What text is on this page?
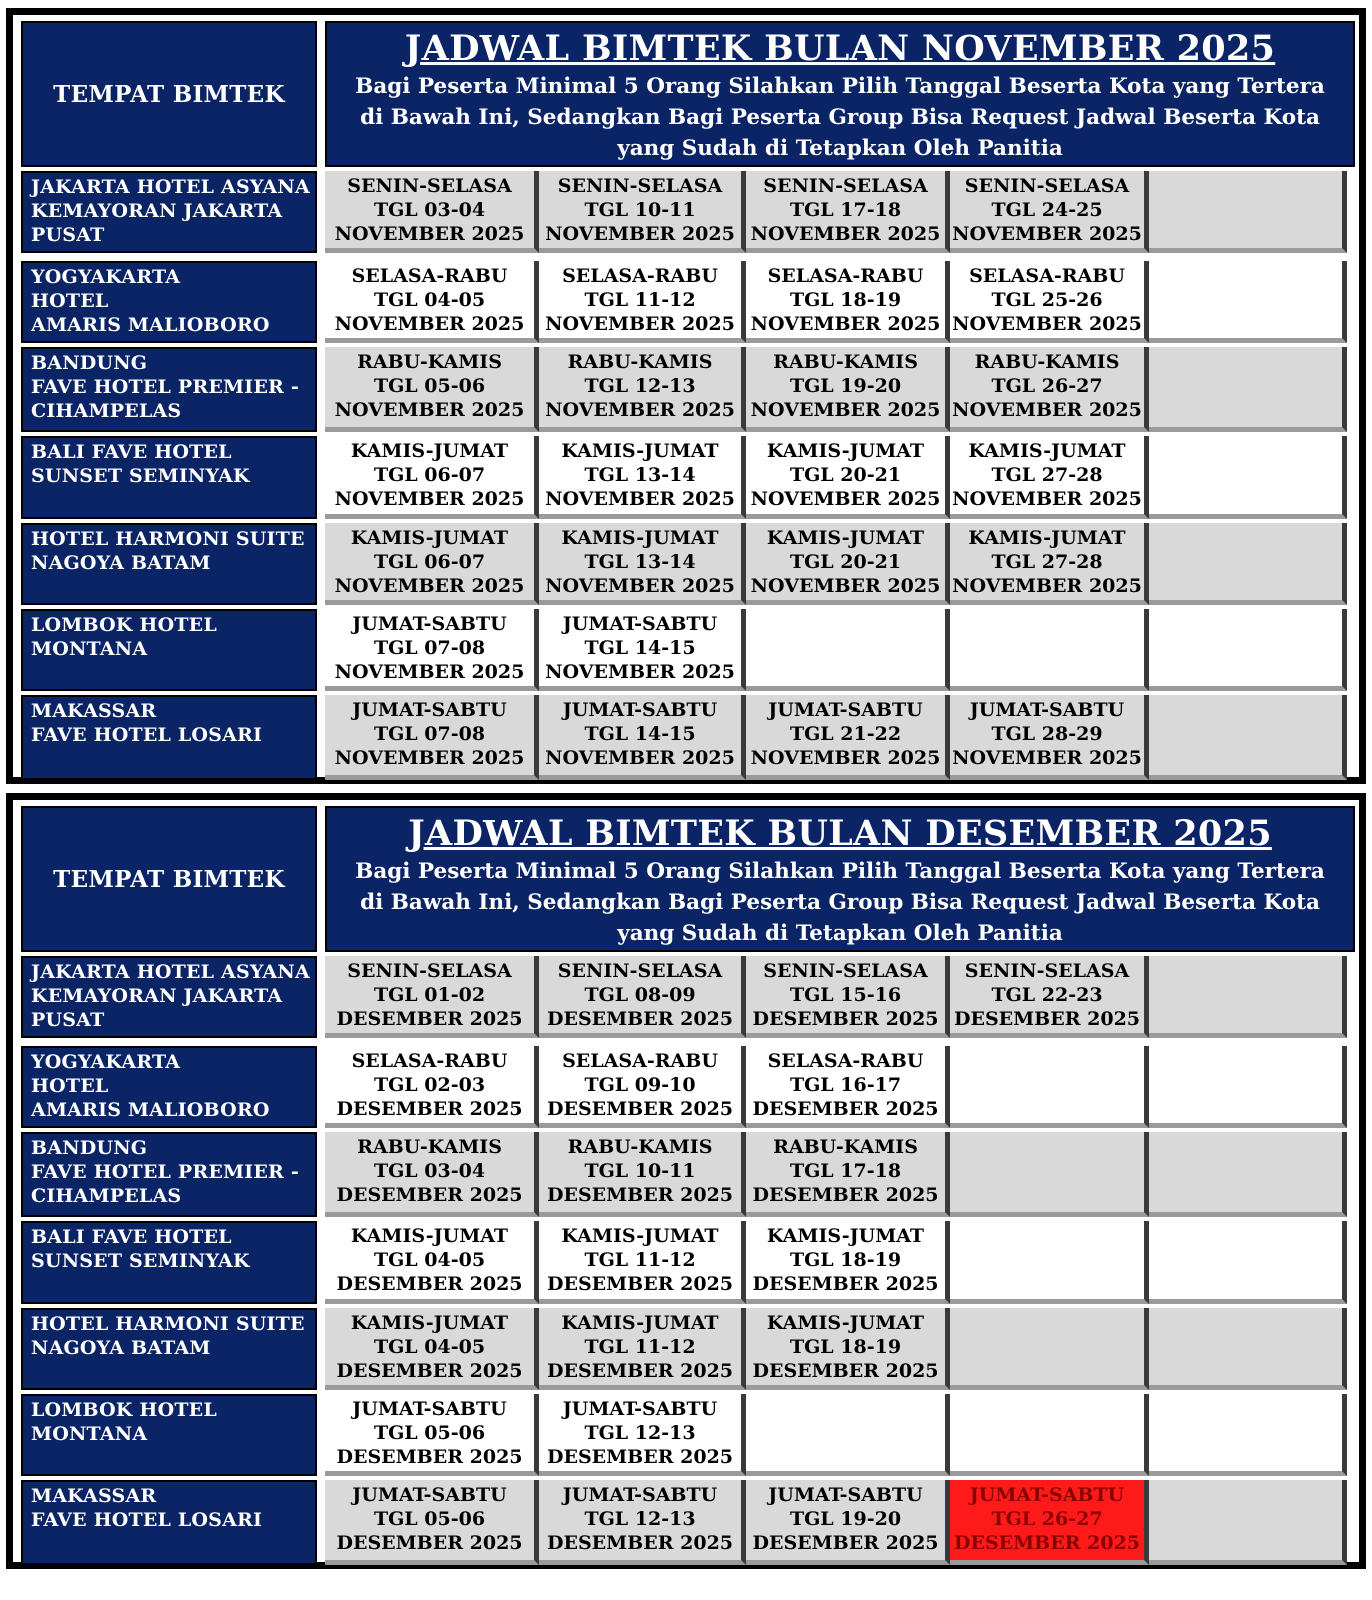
TEMPAT BIMTEK
JADWAL BIMTEK BULAN NOVEMBER 2025
Bagi Peserta Minimal 5 Orang Silahkan Pilih Tanggal Beserta Kota yang Tertera di Bawah Ini, Sedangkan Bagi Peserta Group Bisa Request Jadwal Beserta Kota yang Sudah di Tetapkan Oleh Panitia
JAKARTA HOTEL ASYANA
KEMAYORAN JAKARTA
PUSAT
SENIN-SELASA
TGL 03-04
NOVEMBER 2025
SENIN-SELASA
TGL 10-11
NOVEMBER 2025
SENIN-SELASA
TGL 17-18
NOVEMBER 2025
SENIN-SELASA
TGL 24-25
NOVEMBER 2025
YOGYAKARTA
HOTEL
AMARIS MALIOBORO
SELASA-RABU
TGL 04-05
NOVEMBER 2025
SELASA-RABU
TGL 11-12
NOVEMBER 2025
SELASA-RABU
TGL 18-19
NOVEMBER 2025
SELASA-RABU
TGL 25-26
NOVEMBER 2025
BANDUNG
FAVE HOTEL PREMIER -
CIHAMPELAS
RABU-KAMIS
TGL 05-06
NOVEMBER 2025
RABU-KAMIS
TGL 12-13
NOVEMBER 2025
RABU-KAMIS
TGL 19-20
NOVEMBER 2025
RABU-KAMIS
TGL 26-27
NOVEMBER 2025
BALI FAVE HOTEL
SUNSET SEMINYAK
KAMIS-JUMAT
TGL 06-07
NOVEMBER 2025
KAMIS-JUMAT
TGL 13-14
NOVEMBER 2025
KAMIS-JUMAT
TGL 20-21
NOVEMBER 2025
KAMIS-JUMAT
TGL 27-28
NOVEMBER 2025
HOTEL HARMONI SUITE
NAGOYA BATAM
KAMIS-JUMAT
TGL 06-07
NOVEMBER 2025
KAMIS-JUMAT
TGL 13-14
NOVEMBER 2025
KAMIS-JUMAT
TGL 20-21
NOVEMBER 2025
KAMIS-JUMAT
TGL 27-28
NOVEMBER 2025
LOMBOK HOTEL
MONTANA
JUMAT-SABTU
TGL 07-08
NOVEMBER 2025
JUMAT-SABTU
TGL 14-15
NOVEMBER 2025
MAKASSAR
FAVE HOTEL LOSARI
JUMAT-SABTU
TGL 07-08
NOVEMBER 2025
JUMAT-SABTU
TGL 14-15
NOVEMBER 2025
JUMAT-SABTU
TGL 21-22
NOVEMBER 2025
JUMAT-SABTU
TGL 28-29
NOVEMBER 2025
TEMPAT BIMTEK
JADWAL BIMTEK BULAN DESEMBER 2025
Bagi Peserta Minimal 5 Orang Silahkan Pilih Tanggal Beserta Kota yang Tertera di Bawah Ini, Sedangkan Bagi Peserta Group Bisa Request Jadwal Beserta Kota yang Sudah di Tetapkan Oleh Panitia
JAKARTA HOTEL ASYANA
KEMAYORAN JAKARTA
PUSAT
SENIN-SELASA
TGL 01-02
DESEMBER 2025
SENIN-SELASA
TGL 08-09
DESEMBER 2025
SENIN-SELASA
TGL 15-16
DESEMBER 2025
SENIN-SELASA
TGL 22-23
DESEMBER 2025
YOGYAKARTA
HOTEL
AMARIS MALIOBORO
SELASA-RABU
TGL 02-03
DESEMBER 2025
SELASA-RABU
TGL 09-10
DESEMBER 2025
SELASA-RABU
TGL 16-17
DESEMBER 2025
BANDUNG
FAVE HOTEL PREMIER -
CIHAMPELAS
RABU-KAMIS
TGL 03-04
DESEMBER 2025
RABU-KAMIS
TGL 10-11
DESEMBER 2025
RABU-KAMIS
TGL 17-18
DESEMBER 2025
BALI FAVE HOTEL
SUNSET SEMINYAK
KAMIS-JUMAT
TGL 04-05
DESEMBER 2025
KAMIS-JUMAT
TGL 11-12
DESEMBER 2025
KAMIS-JUMAT
TGL 18-19
DESEMBER 2025
HOTEL HARMONI SUITE
NAGOYA BATAM
KAMIS-JUMAT
TGL 04-05
DESEMBER 2025
KAMIS-JUMAT
TGL 11-12
DESEMBER 2025
KAMIS-JUMAT
TGL 18-19
DESEMBER 2025
LOMBOK HOTEL
MONTANA
JUMAT-SABTU
TGL 05-06
DESEMBER 2025
JUMAT-SABTU
TGL 12-13
DESEMBER 2025
MAKASSAR
FAVE HOTEL LOSARI
JUMAT-SABTU
TGL 05-06
DESEMBER 2025
JUMAT-SABTU
TGL 12-13
DESEMBER 2025
JUMAT-SABTU
TGL 19-20
DESEMBER 2025
JUMAT-SABTU
TGL 26-27
DESEMBER 2025
